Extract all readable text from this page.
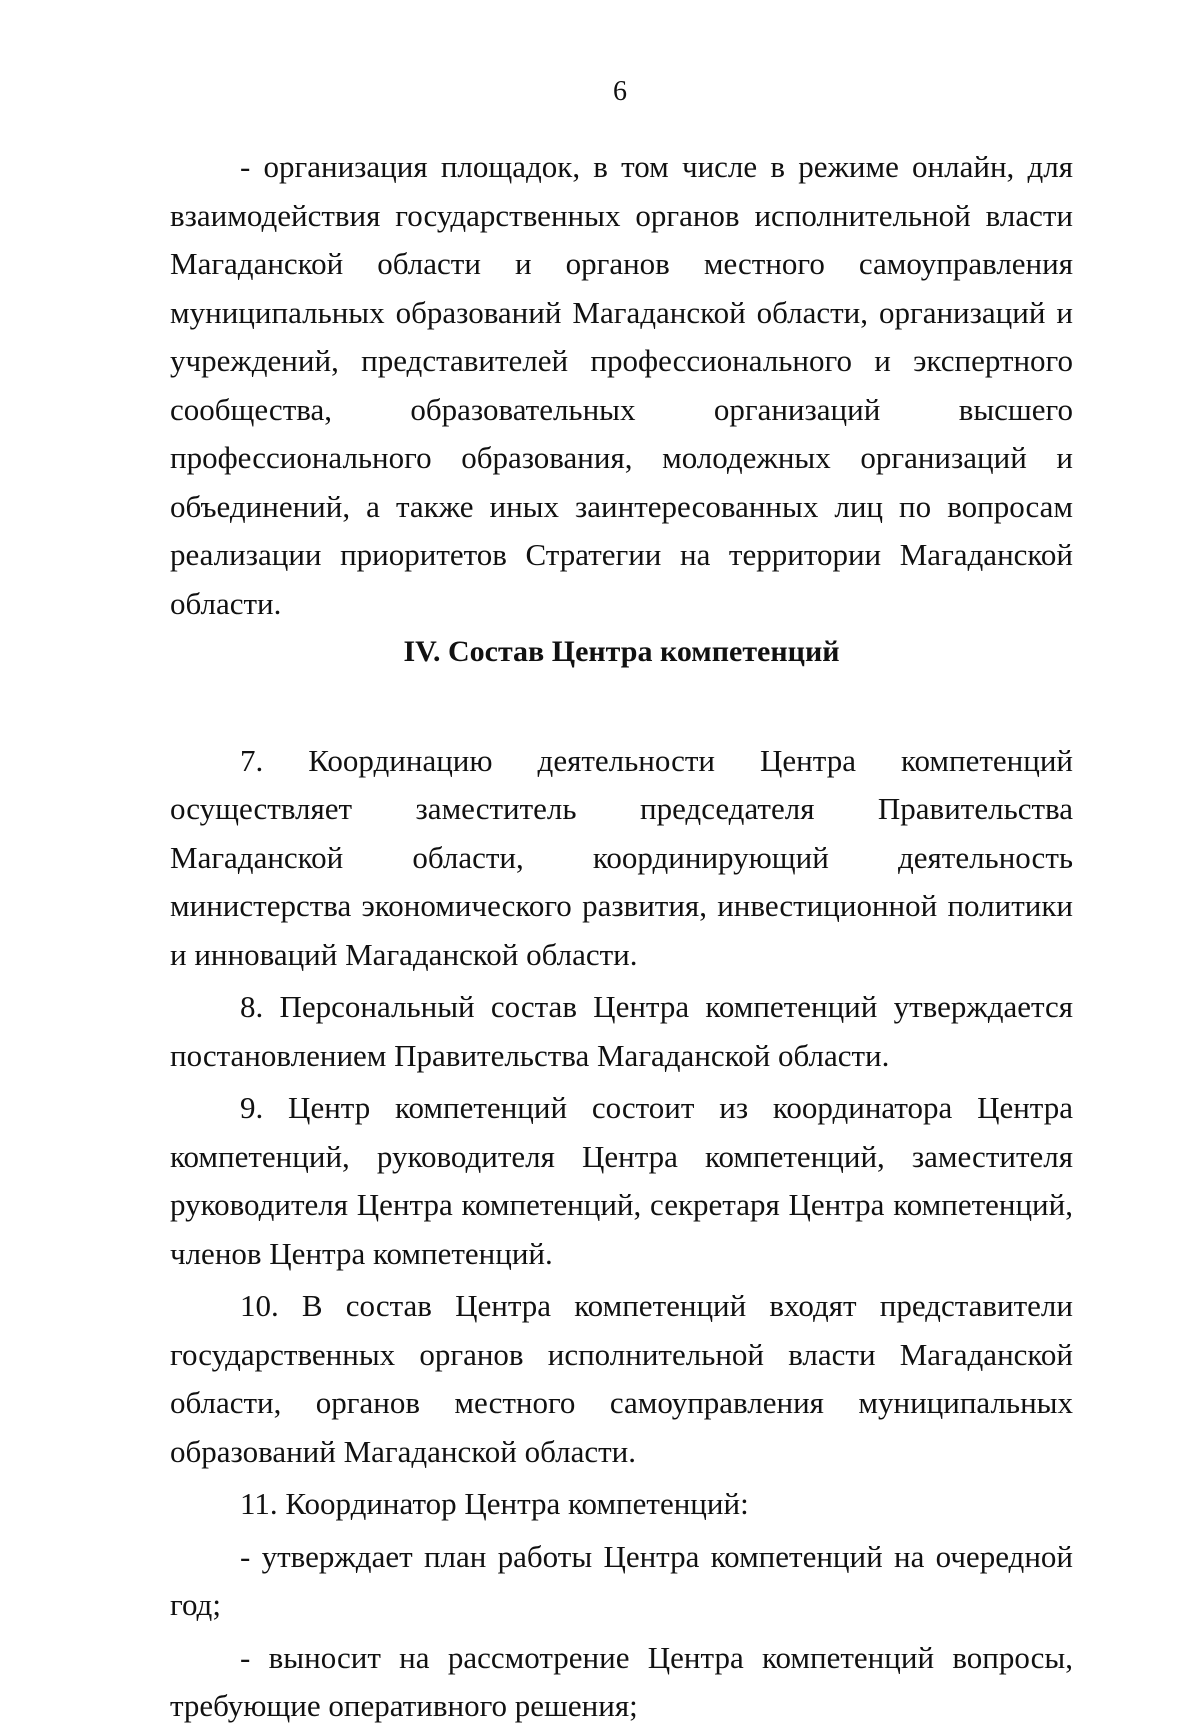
6

- организация площадок, в том числе в режиме онлайн, для взаимодействия государственных органов исполнительной власти Магаданской области и органов местного самоуправления муниципальных образований Магаданской области, организаций и учреждений, представителей профессионального и экспертного сообщества, образовательных организаций высшего профессионального образования, молодежных организаций и объединений, а также иных заинтересованных лиц по вопросам реализации приоритетов Стратегии на территории Магаданской области.

IV. Состав Центра компетенций

7. Координацию деятельности Центра компетенций осуществляет заместитель председателя Правительства Магаданской области, координирующий деятельность министерства экономического развития, инвестиционной политики и инноваций Магаданской области.

8. Персональный состав Центра компетенций утверждается постановлением Правительства Магаданской области.

9. Центр компетенций состоит из координатора Центра компетенций, руководителя Центра компетенций, заместителя руководителя Центра компетенций, секретаря Центра компетенций, членов Центра компетенций.

10. В состав Центра компетенций входят представители государственных органов исполнительной власти Магаданской области, органов местного самоуправления муниципальных образований Магаданской области.

11. Координатор Центра компетенций:

- утверждает план работы Центра компетенций на очередной год;

- выносит на рассмотрение Центра компетенций вопросы, требующие оперативного решения;
